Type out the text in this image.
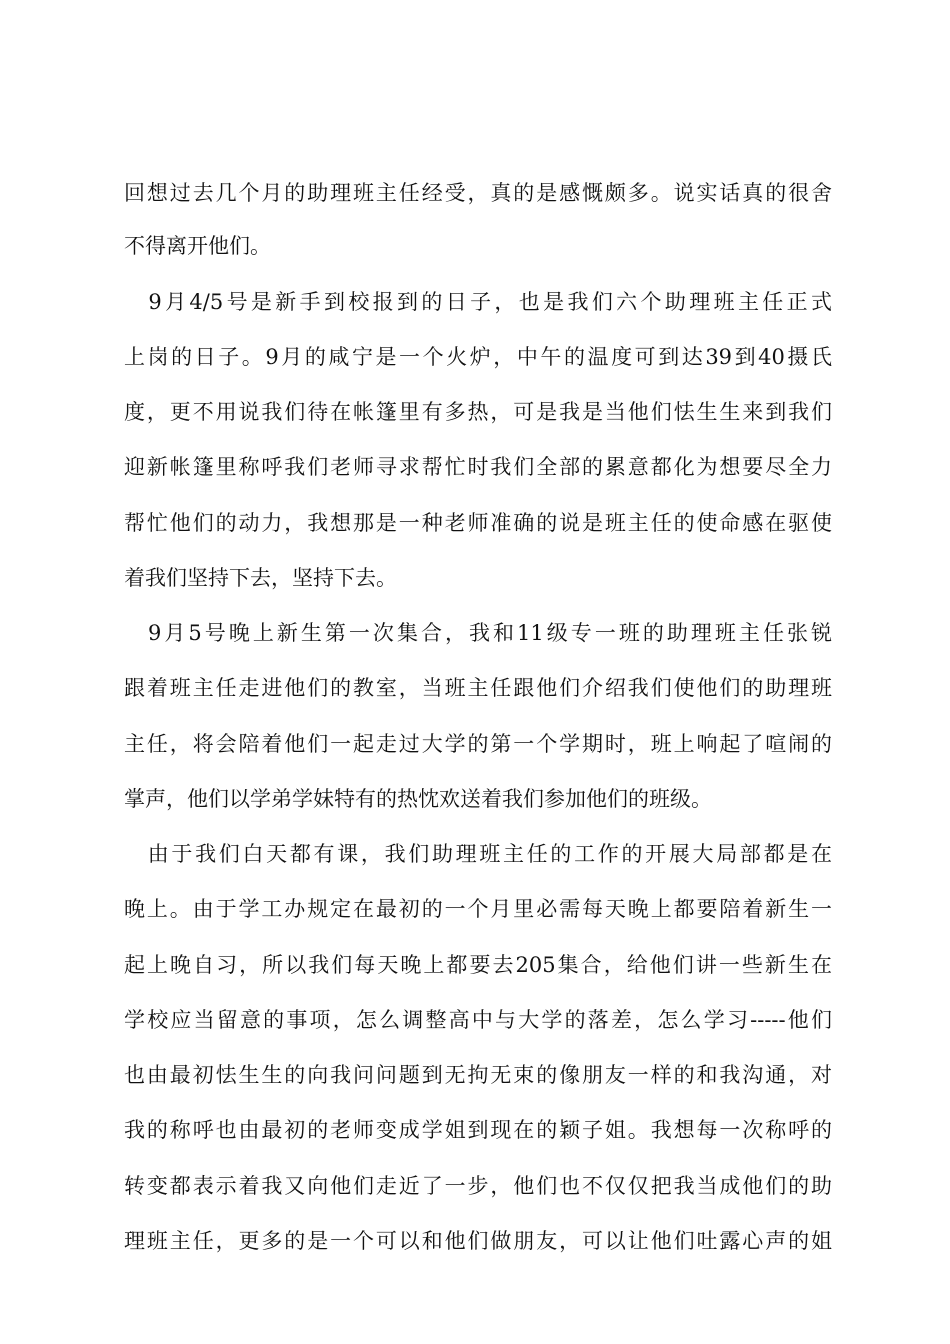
回想过去几个月的助理班主任经受，真的是感慨颇多。说实话真的很舍
不得离开他们。
　9月4/5号是新手到校报到的日子，也是我们六个助理班主任正式
上岗的日子。9月的咸宁是一个火炉，中午的温度可到达39到40摄氏
度，更不用说我们待在帐篷里有多热，可是我是当他们怯生生来到我们
迎新帐篷里称呼我们老师寻求帮忙时我们全部的累意都化为想要尽全力
帮忙他们的动力，我想那是一种老师准确的说是班主任的使命感在驱使
着我们坚持下去，坚持下去。
　9月5号晚上新生第一次集合，我和11级专一班的助理班主任张锐
跟着班主任走进他们的教室，当班主任跟他们介绍我们使他们的助理班
主任，将会陪着他们一起走过大学的第一个学期时，班上响起了喧闹的
掌声，他们以学弟学妹特有的热忱欢送着我们参加他们的班级。
　由于我们白天都有课，我们助理班主任的工作的开展大局部都是在
晚上。由于学工办规定在最初的一个月里必需每天晚上都要陪着新生一
起上晚自习，所以我们每天晚上都要去205集合，给他们讲一些新生在
学校应当留意的事项，怎么调整高中与大学的落差，怎么学习-----他们
也由最初怯生生的向我问问题到无拘无束的像朋友一样的和我沟通，对
我的称呼也由最初的老师变成学姐到现在的颖子姐。我想每一次称呼的
转变都表示着我又向他们走近了一步，他们也不仅仅把我当成他们的助
理班主任，更多的是一个可以和他们做朋友，可以让他们吐露心声的姐
